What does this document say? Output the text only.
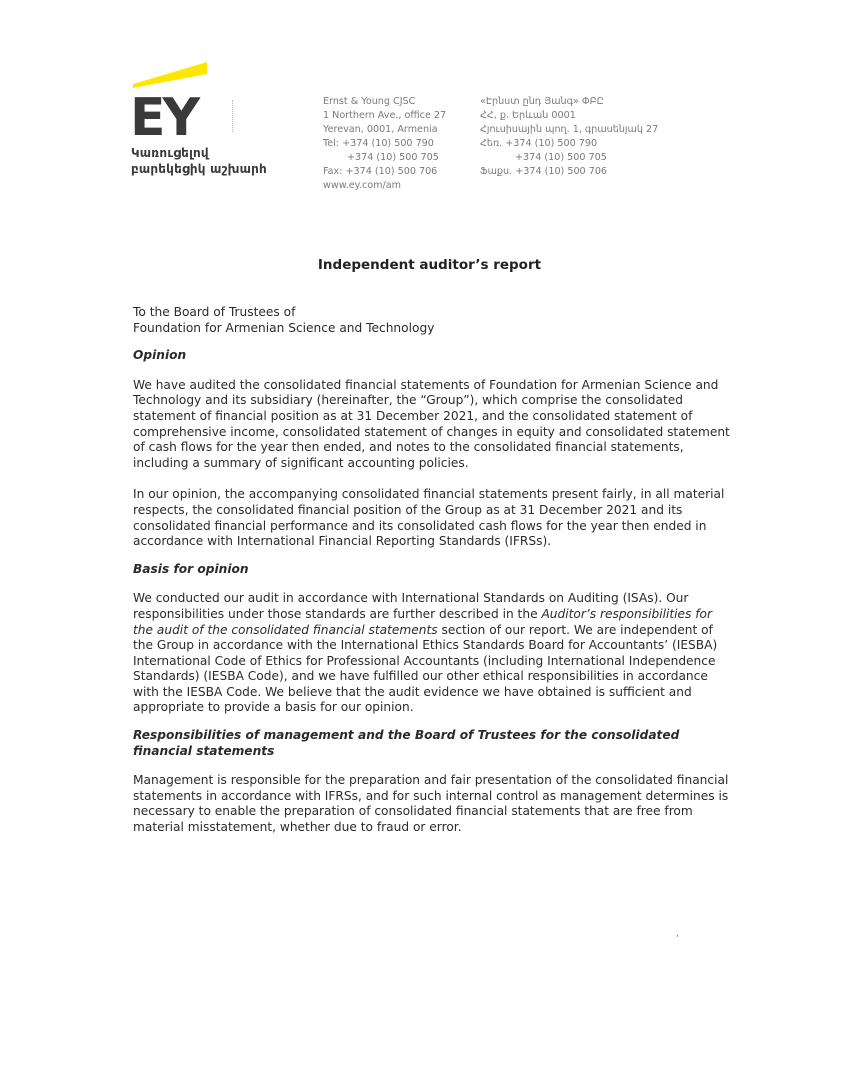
EY
Կառուցելով
բարեկեցիկ աշխարհ
Ernst & Young CJSC
1 Northern Ave., office 27
Yerevan, 0001, Armenia
Tel: +374 (10) 500 790
+374 (10) 500 705
Fax: +374 (10) 500 706
www.ey.com/am
«Էրնստ ընդ Յանգ» ՓԲԸ
ՀՀ, ք. Երևան 0001
Հյուսիսային պող. 1, գրասենյակ 27
Հեռ. +374 (10) 500 790
+374 (10) 500 705
Ֆաքս. +374 (10) 500 706
Independent auditor’s report

To the Board of Trustees of
Foundation for Armenian Science and Technology

Opinion

We have audited the consolidated financial statements of Foundation for Armenian Science and Technology and its subsidiary (hereinafter, the “Group”), which comprise the consolidated statement of financial position as at 31 December 2021, and the consolidated statement of comprehensive income, consolidated statement of changes in equity and consolidated statement of cash flows for the year then ended, and notes to the consolidated financial statements, including a summary of significant accounting policies.

In our opinion, the accompanying consolidated financial statements present fairly, in all material respects, the consolidated financial position of the Group as at 31 December 2021 and its consolidated financial performance and its consolidated cash flows for the year then ended in accordance with International Financial Reporting Standards (IFRSs).

Basis for opinion

We conducted our audit in accordance with International Standards on Auditing (ISAs). Our responsibilities under those standards are further described in the Auditor’s responsibilities for the audit of the consolidated financial statements section of our report. We are independent of the Group in accordance with the International Ethics Standards Board for Accountants’ (IESBA) International Code of Ethics for Professional Accountants (including International Independence Standards) (IESBA Code), and we have fulfilled our other ethical responsibilities in accordance with the IESBA Code. We believe that the audit evidence we have obtained is sufficient and appropriate to provide a basis for our opinion.

Responsibilities of management and the Board of Trustees for the consolidated financial statements

Management is responsible for the preparation and fair presentation of the consolidated financial statements in accordance with IFRSs, and for such internal control as management determines is necessary to enable the preparation of consolidated financial statements that are free from material misstatement, whether due to fraud or error.

,
